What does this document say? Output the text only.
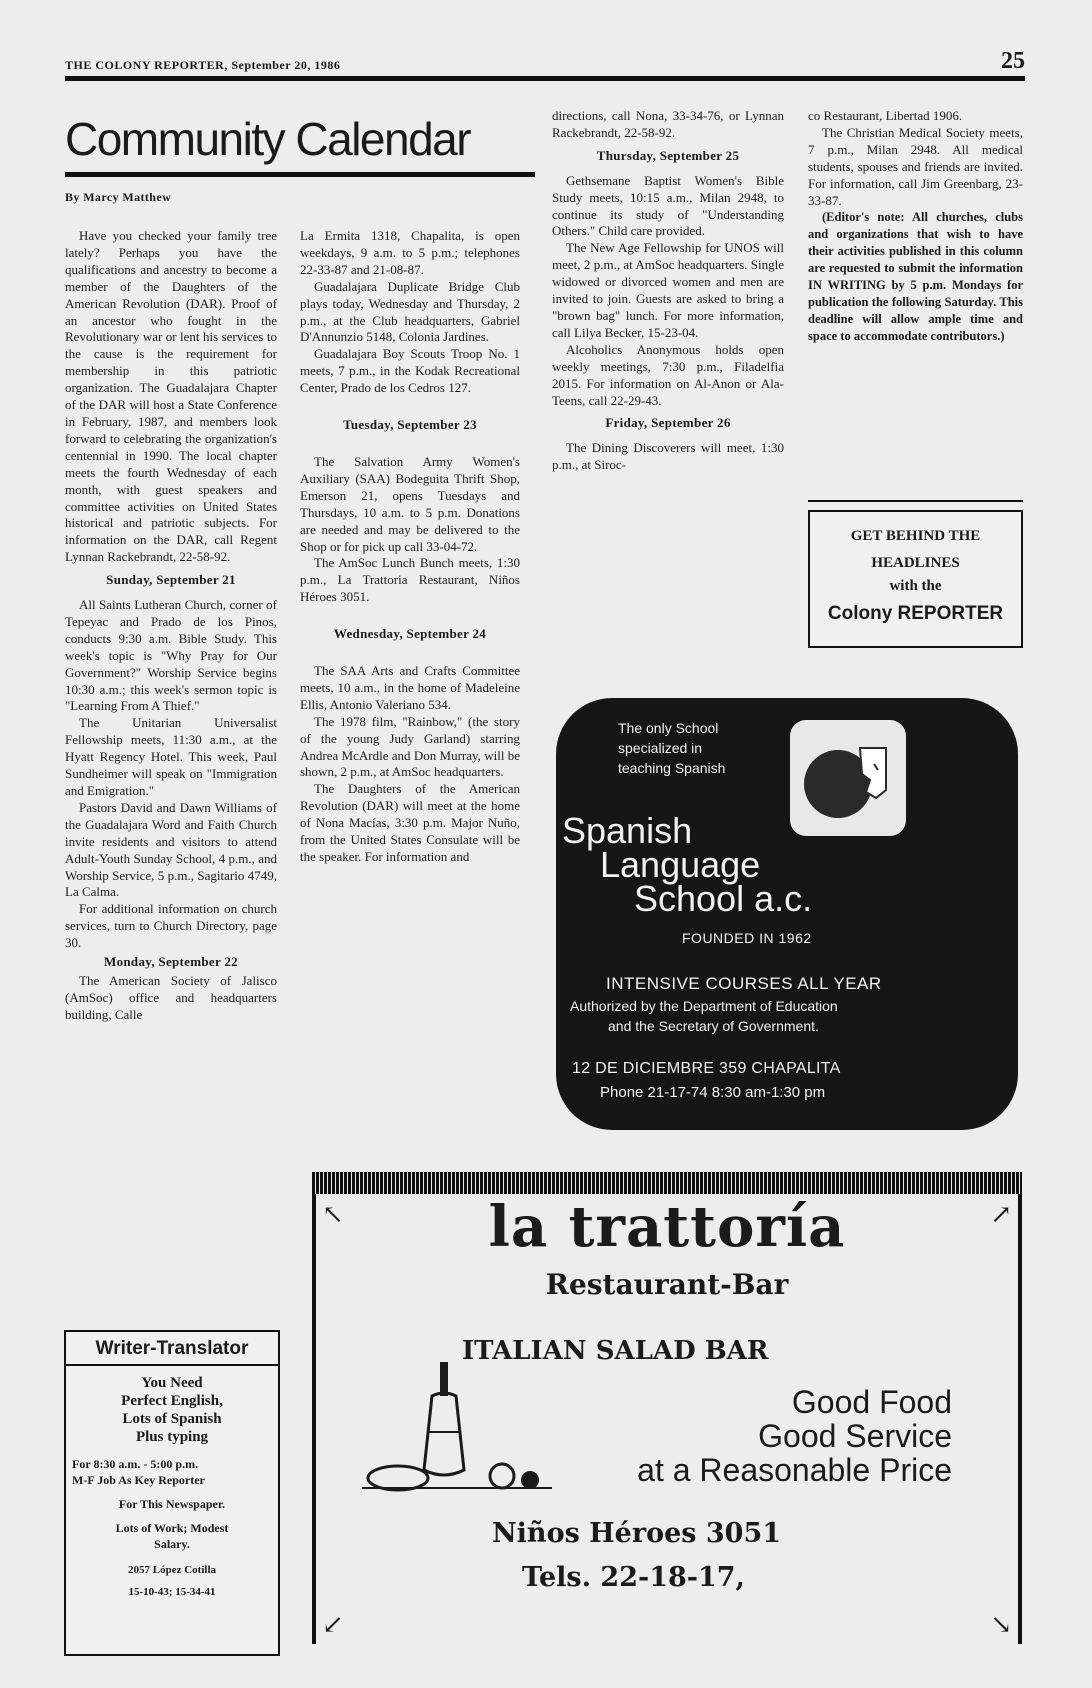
THE COLONY REPORTER, September 20, 1986	25
Community Calendar
By Marcy Matthew

Have you checked your family tree lately? Perhaps you have the qualifications and ancestry to become a member of the Daughters of the American Revolution (DAR). Proof of an ancestor who fought in the Revolutionary war or lent his services to the cause is the requirement for membership in this patriotic organization. The Guadalajara Chapter of the DAR will host a State Conference in February, 1987, and members look forward to celebrating the organization's centennial in 1990. The local chapter meets the fourth Wednesday of each month, with guest speakers and committee activities on United States historical and patriotic subjects. For information on the DAR, call Regent Lynnan Rackebrandt, 22-58-92.

Sunday, September 21

All Saints Lutheran Church, corner of Tepeyac and Prado de los Pinos, conducts 9:30 a.m. Bible Study. This week's topic is "Why Pray for Our Government?" Worship Service begins 10:30 a.m.; this week's sermon topic is "Learning From A Thief."

The Unitarian Universalist Fellowship meets, 11:30 a.m., at the Hyatt Regency Hotel. This week, Paul Sundheimer will speak on "Immigration and Emigration."

Pastors David and Dawn Williams of the Guadalajara Word and Faith Church invite residents and visitors to attend Adult-Youth Sunday School, 4 p.m., and Worship Service, 5 p.m., Sagitario 4749, La Calma.

For additional information on church services, turn to Church Directory, page 30.

Monday, September 22

The American Society of Jalisco (AmSoc) office and headquarters building, Calle

La Ermita 1318, Chapalita, is open weekdays, 9 a.m. to 5 p.m.; telephones 22-33-87 and 21-08-87.

Guadalajara Duplicate Bridge Club plays today, Wednesday and Thursday, 2 p.m., at the Club headquarters, Gabriel D'Annunzio 5148, Colonia Jardines.

Guadalajara Boy Scouts Troop No. 1 meets, 7 p.m., in the Kodak Recreational Center, Prado de los Cedros 127.

Tuesday, September 23

The Salvation Army Women's Auxiliary (SAA) Bodeguita Thrift Shop, Emerson 21, opens Tuesdays and Thursdays, 10 a.m. to 5 p.m. Donations are needed and may be delivered to the Shop or for pick up call 33-04-72.

The AmSoc Lunch Bunch meets, 1:30 p.m., La Trattoria Restaurant, Niños Héroes 3051.

Wednesday, September 24

The SAA Arts and Crafts Committee meets, 10 a.m., in the home of Madeleine Ellis, Antonio Valeriano 534.

The 1978 film, "Rainbow," (the story of the young Judy Garland) starring Andrea McArdle and Don Murray, will be shown, 2 p.m., at AmSoc headquarters.

The Daughters of the American Revolution (DAR) will meet at the home of Nona Macías, 3:30 p.m. Major Nuño, from the United States Consulate will be the speaker. For information and

directions, call Nona, 33-34-76, or Lynnan Rackebrandt, 22-58-92.

Thursday, September 25

Gethsemane Baptist Women's Bible Study meets, 10:15 a.m., Milan 2948, to continue its study of "Understanding Others." Child care provided.

The New Age Fellowship for UNOS will meet, 2 p.m., at AmSoc headquarters. Single widowed or divorced women and men are invited to join. Guests are asked to bring a "brown bag" lunch. For more information, call Lilya Becker, 15-23-04.

Alcoholics Anonymous holds open weekly meetings, 7:30 p.m., Filadelfia 2015. For information on Al-Anon or Ala-Teens, call 22-29-43.

Friday, September 26

The Dining Discoverers will meet, 1:30 p.m., at Siroc-

co Restaurant, Libertad 1906.

The Christian Medical Society meets, 7 p.m., Milan 2948. All medical students, spouses and friends are invited. For information, call Jim Greenbarg, 23-33-87.

(Editor's note: All churches, clubs and organizations that wish to have their activities published in this column are requested to submit the information IN WRITING by 5 p.m. Mondays for publication the following Saturday. This deadline will allow ample time and space to accommodate contributors.)

GET BEHIND THE
HEADLINES
with the
Colony REPORTER
The only School
specialized in
teaching Spanish
Spanish
Language
School a.c.
FOUNDED IN 1962
INTENSIVE COURSES ALL YEAR
Authorized by the Department of Education
and the Secretary of Government.
12 DE DICIEMBRE 359 CHAPALITA
Phone 21-17-74 8:30 am-1:30 pm
Writer-Translator
You Need
Perfect English,
Lots of Spanish
Plus typing
For 8:30 a.m. - 5:00 p.m.
M-F Job As Key Reporter
For This Newspaper.
Lots of Work; Modest
Salary.
2057 López Cotilla
15-10-43; 15-34-41
↖	↗
↙	↘
la trattoría
Restaurant-Bar
ITALIAN SALAD BAR
Good Food
Good Service
at a Reasonable Price
Niños Héroes 3051
Tels. 22-18-17,
